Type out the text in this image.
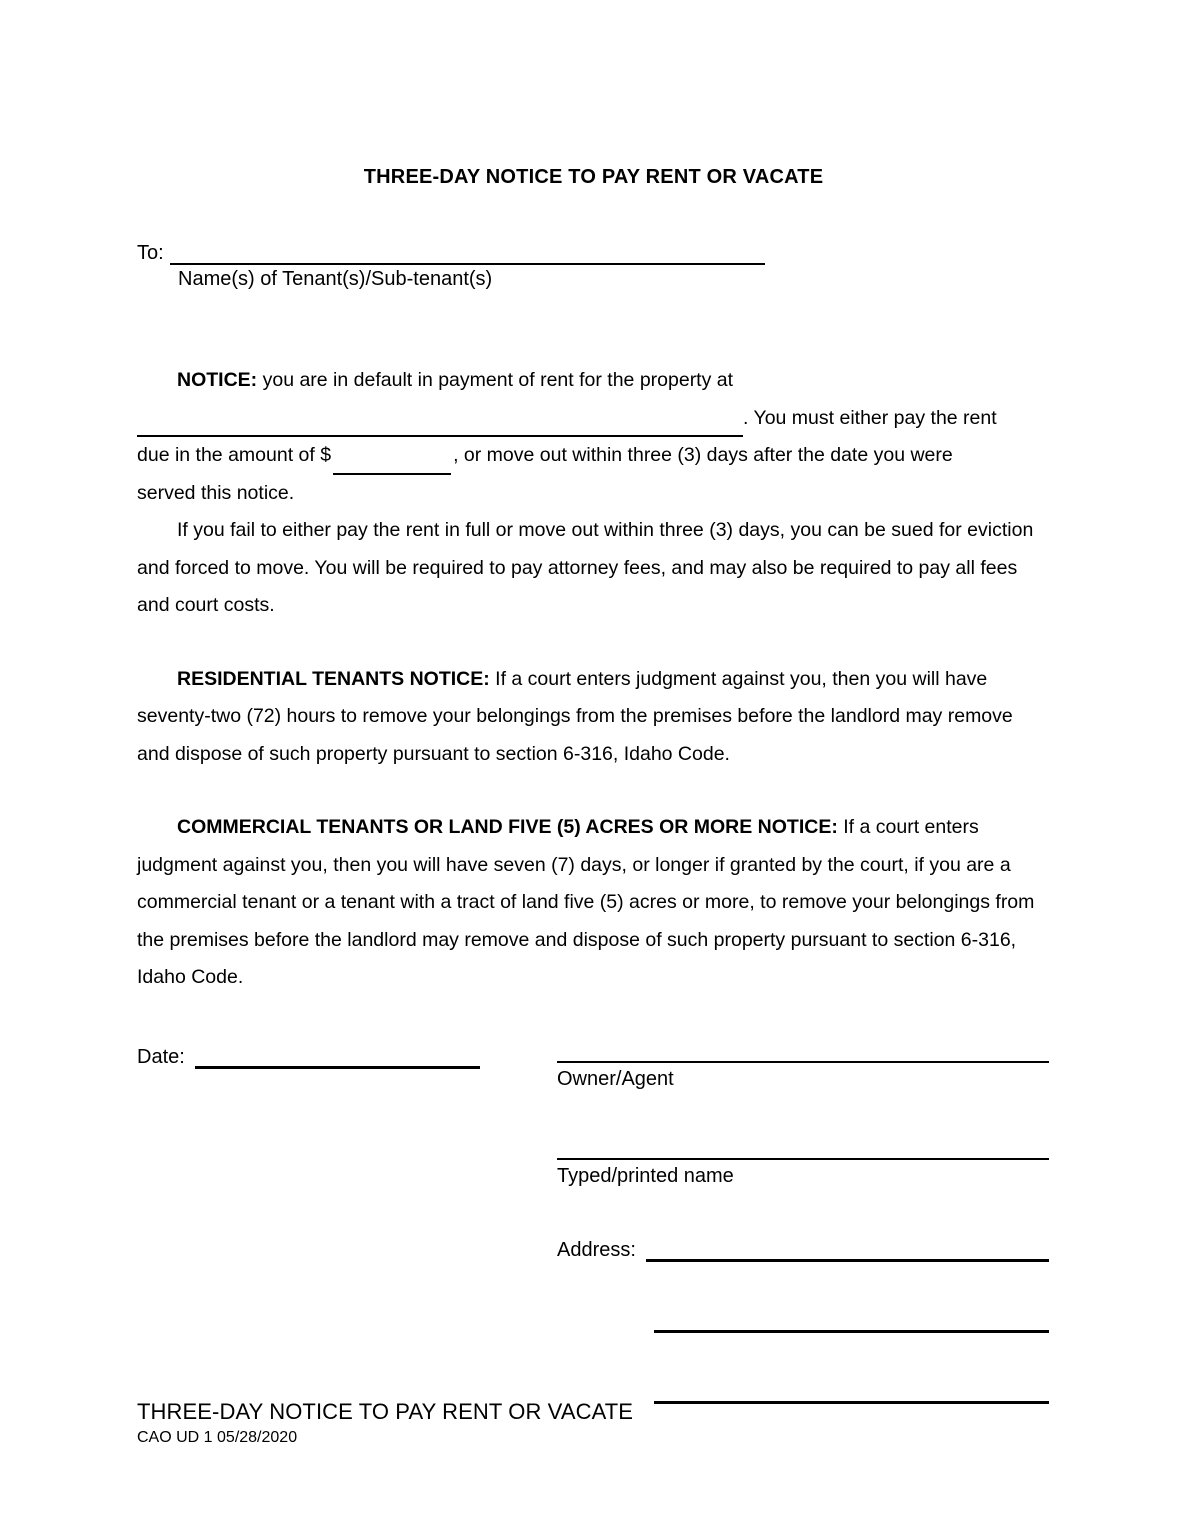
THREE-DAY NOTICE TO PAY RENT OR VACATE
To:
Name(s) of Tenant(s)/Sub-tenant(s)

NOTICE: you are in default in payment of rent for the property at
. You must either pay the rent
due in the amount of $	, or move out within three (3) days after the date you were
served this notice.

If you fail to either pay the rent in full or move out within three (3) days, you can be sued for eviction and forced to move. You will be required to pay attorney fees, and may also be required to pay all fees and court costs.

RESIDENTIAL TENANTS NOTICE: If a court enters judgment against you, then you will have seventy-two (72) hours to remove your belongings from the premises before the landlord may remove and dispose of such property pursuant to section 6-316, Idaho Code.

COMMERCIAL TENANTS OR LAND FIVE (5) ACRES OR MORE NOTICE: If a court enters judgment against you, then you will have seven (7) days, or longer if granted by the court, if you are a commercial tenant or a tenant with a tract of land five (5) acres or more, to remove your belongings from the premises before the landlord may remove and dispose of such property pursuant to section 6-316, Idaho Code.

Date:
Owner/Agent
Typed/printed name
Address:
THREE-DAY NOTICE TO PAY RENT OR VACATE
CAO UD 1 05/28/2020
